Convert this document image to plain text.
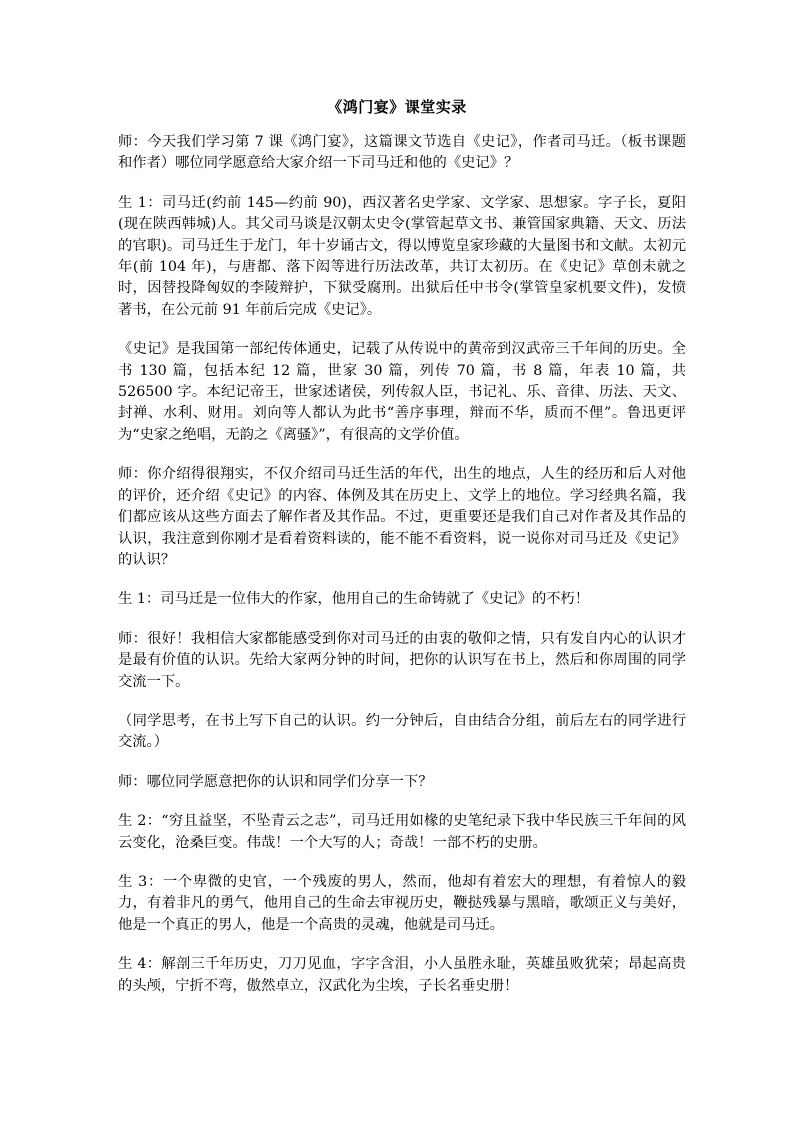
《鸿门宴》课堂实录

师：今天我们学习第 7 课《鸿门宴》，这篇课文节选自《史记》，作者司马迁。（板书课题和作者）哪位同学愿意给大家介绍一下司马迁和他的《史记》？

生 1：司马迁(约前 145—约前 90)，西汉著名史学家、文学家、思想家。字子长，夏阳(现在陕西韩城)人。其父司马谈是汉朝太史令(掌管起草文书、兼管国家典籍、天文、历法的官职)。司马迁生于龙门，年十岁诵古文，得以博览皇家珍藏的大量图书和文献。太初元年(前 104 年)，与唐都、落下闳等进行历法改革，共订太初历。在《史记》草创未就之时，因替投降匈奴的李陵辩护，下狱受腐刑。出狱后任中书令(掌管皇家机要文件)，发愤著书，在公元前 91 年前后完成《史记》。

《史记》是我国第一部纪传体通史，记载了从传说中的黄帝到汉武帝三千年间的历史。全书 130 篇，包括本纪 12 篇，世家 30 篇，列传 70 篇，书 8 篇，年表 10 篇，共 526500 字。本纪记帝王，世家述诸侯，列传叙人臣，书记礼、乐、音律、历法、天文、封禅、水利、财用。刘向等人都认为此书“善序事理，辩而不华，质而不俚”。鲁迅更评为“史家之绝唱，无韵之《离骚》”，有很高的文学价值。

师：你介绍得很翔实，不仅介绍司马迁生活的年代，出生的地点，人生的经历和后人对他的评价，还介绍《史记》的内容、体例及其在历史上、文学上的地位。学习经典名篇，我们都应该从这些方面去了解作者及其作品。不过，更重要还是我们自己对作者及其作品的认识，我注意到你刚才是看着资料读的，能不能不看资料，说一说你对司马迁及《史记》的认识？

生 1：司马迁是一位伟大的作家，他用自己的生命铸就了《史记》的不朽！

师：很好！我相信大家都能感受到你对司马迁的由衷的敬仰之情，只有发自内心的认识才是最有价值的认识。先给大家两分钟的时间，把你的认识写在书上，然后和你周围的同学交流一下。

（同学思考，在书上写下自己的认识。约一分钟后，自由结合分组，前后左右的同学进行交流。）

师：哪位同学愿意把你的认识和同学们分享一下？

生 2：“穷且益坚，不坠青云之志”，司马迁用如椽的史笔纪录下我中华民族三千年间的风云变化，沧桑巨变。伟哉！一个大写的人；奇哉！一部不朽的史册。

生 3：一个卑微的史官，一个残废的男人，然而，他却有着宏大的理想，有着惊人的毅力，有着非凡的勇气，他用自己的生命去审视历史，鞭挞残暴与黑暗，歌颂正义与美好，他是一个真正的男人，他是一个高贵的灵魂，他就是司马迁。

生 4：解剖三千年历史，刀刀见血，字字含泪，小人虽胜永耻，英雄虽败犹荣；昂起高贵的头颅，宁折不弯，傲然卓立，汉武化为尘埃，子长名垂史册！
